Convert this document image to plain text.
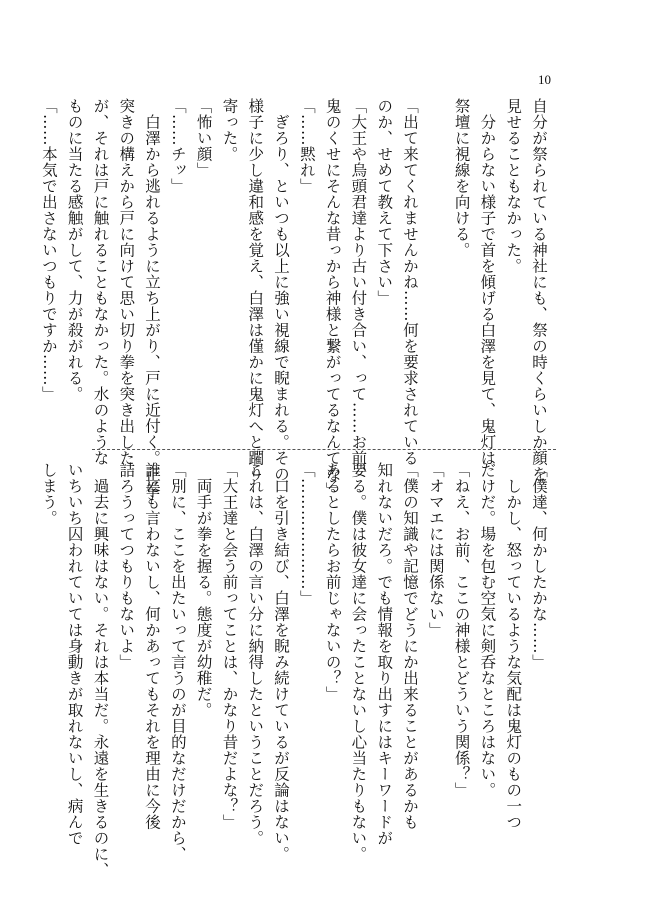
10

自分が祭られている神社にも、祭の時くらいしか顔を

見せることもなかった。

　分からない様子で首を傾げる白澤を見て、鬼灯は

祭壇に視線を向ける。

「出て来てくれませんかね……何を要求されている

のか、せめて教えて下さい」

「大王や烏頭君達より古い付き合い、って……お前、

鬼のくせにそんな昔っから神様と繋がってるなんてな」

「……黙れ」

　ぎろり、といつも以上に強い視線で睨まれる。その

様子に少し違和感を覚え、白澤は僅かに鬼灯へと躙り

寄った。

「怖い顔」

「……チッ」

　白澤から逃れるように立ち上がり、戸に近付く。正拳

突きの構えから戸に向けて思い切り拳を突き出した

が、それは戸に触れることもなかった。水のような

ものに当たる感触がして、力が殺がれる。

「……本気で出さないつもりですか……」

「僕達、何かしたかな……」

　しかし、怒っているような気配は鬼灯のもの一つ

だけだ。場を包む空気に剣呑なところはない。

「ねえ、お前、ここの神様とどういう関係？」

「オマエには関係ない」

「僕の知識や記憶でどうにか出来ることがあるかも

知れないだろ。でも情報を取り出すにはキーワードが

要る。僕は彼女達に会ったことないし心当たりもない。

あるとしたらお前じゃないの？」

「…………………」

　口を引き結び、白澤を睨み続けているが反論はない。

これは、白澤の言い分に納得したということだろう。

「大王達と会う前ってことは、かなり昔だよな？」

　両手が拳を握る。態度が幼稚だ。

「別に、ここを出たいって言うのが目的なだけだから、

誰にも言わないし、何かあってもそれを理由に今後

詰ろうってつもりもないよ」

　過去に興味はない。それは本当だ。永遠を生きるのに、

いちいち囚われていては身動きが取れないし、病んで

しまう。
